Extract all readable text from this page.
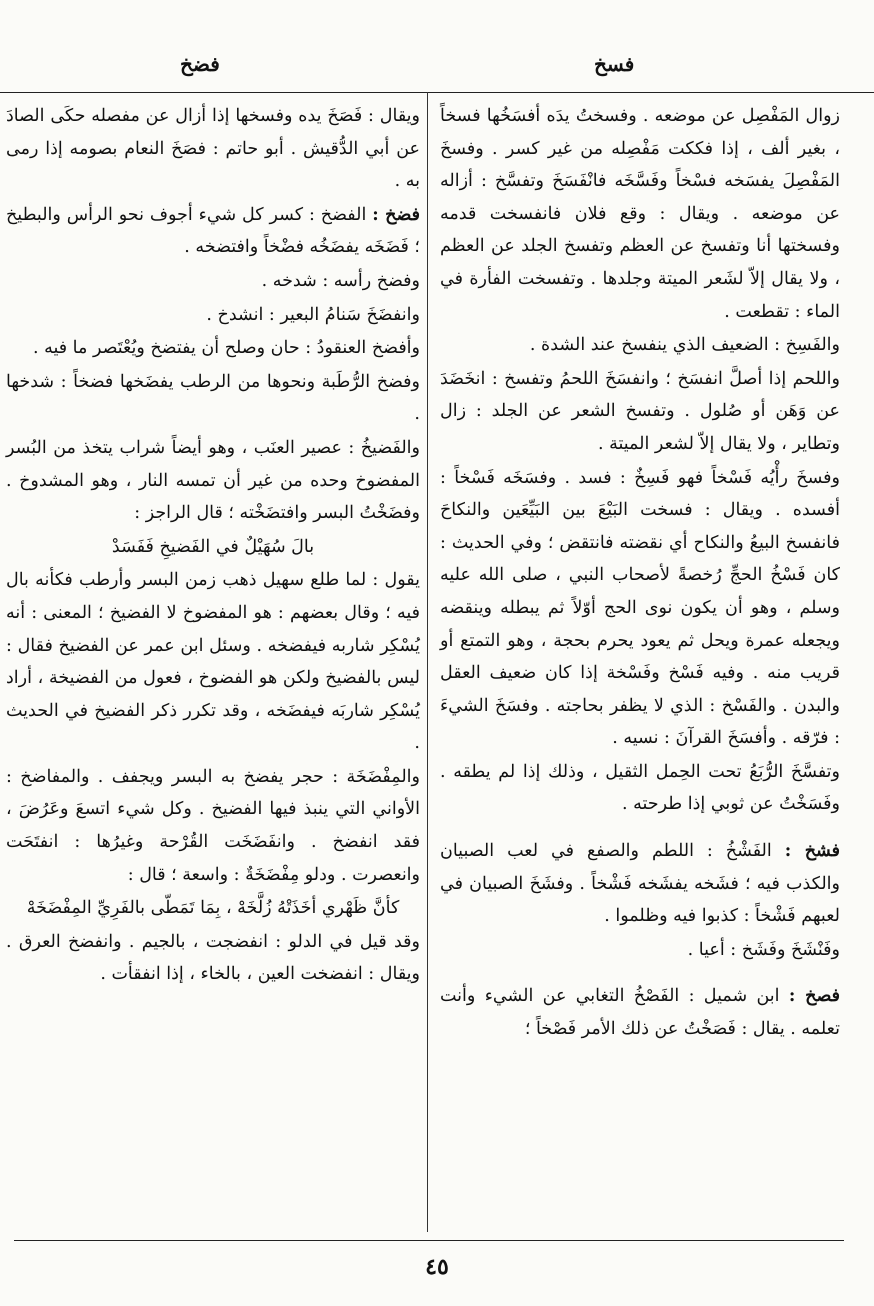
فضخ	فسخ

زوال المَفْصِل عن موضعه . وفسختُ يدَه أفسَخُها فسخاً ، بغير ألف ، إذا فككت مَفْصِله من غير كسر . وفسخَ المَفْصِلَ يفسَخه فسْخاً وفَسَّخَه فانْفَسَخَ وتفسَّخ : أزاله عن موضعه . ويقال : وقع فلان فانفسخت قدمه وفسختها أنا وتفسخ عن العظم وتفسخ الجلد عن العظم ، ولا يقال إلاّ لشَعر الميتة وجلدها . وتفسخت الفأرة في الماء : تقطعت .

والفَسِخ : الضعيف الذي ينفسخ عند الشدة .

واللحم إذا أصلَّ انفسَخ ؛ وانفسَخَ اللحمُ وتفسخ : انخَضَدَ عن وَهَن أو صُلول . وتفسخ الشعر عن الجلد : زال وتطاير ، ولا يقال إلاّ لشعر الميتة .

وفسخَ رأْيُه فَسْخاً فهو فَسِخٌ : فسد . وفسَخَه فَسْخاً : أفسده . ويقال : فسخت البَيْعَ بين البَيِّعَين والنكاحَ فانفسخ البيعُ والنكاح أي نقضته فانتقض ؛ وفي الحديث : كان فَسْخُ الحجِّ رُخصةً لأصحاب النبي ، صلى الله عليه وسلم ، وهو أن يكون نوى الحج أوّلاً ثم يبطله وينقضه ويجعله عمرة ويحل ثم يعود يحرم بحجة ، وهو التمتع أو قريب منه . وفيه فَسْخ وفَسْخة إذا كان ضعيف العقل والبدن . والفَسْخ : الذي لا يظفر بحاجته . وفسَخَ الشيءَ : فرّقه . وأفسَخَ القرآنَ : نسيه .

وتفسَّخَ الرُّبَعُ تحت الحِمل الثقيل ، وذلك إذا لم يطقه . وفَسَخْتُ عن ثوبي إذا طرحته .

فشخ : الفَشْخُ : اللطم والصفع في لعب الصبيان والكذب فيه ؛ فشَخه يفشَخه فَشْخاً . وفشَخَ الصبيان في لعبهم فَشْخاً : كذبوا فيه وظلموا .

وفَنْشَخَ وفَشَخ : أعيا .

فصخ : ابن شميل : الفَصْخُ التغابي عن الشيء وأنت تعلمه . يقال : فَصَخْتُ عن ذلك الأمر فَصْخاً ؛

ويقال : فَصَخَ يده وفسخها إذا أزال عن مفصله حكَى الصادَ عن أبي الدُّقيش . أبو حاتم : فصَخَ النعام بصومه إذا رمى به .

فضخ : الفضخ : كسر كل شيء أجوف نحو الرأس والبطيخ ؛ فَضَخَه يفضَخُه فضْخاً وافتضخه .

وفضخ رأسه : شدخه .

وانفضَخَ سَنامُ البعير : انشدخ .

وأفضخ العنقودُ : حان وصلح أن يفتضخ ويُعْتَصر ما فيه .

وفضخ الرُّطَبة ونحوها من الرطب يفضَخها فضخاً : شدخها .

والفَضيخُ : عصير العنَب ، وهو أيضاً شراب يتخذ من البُسر المفضوخ وحده من غير أن تمسه النار ، وهو المشدوخ . وفضَخْتُ البسر وافتضَخْته ؛ قال الراجز :

بالَ سُهَيْلٌ في الفَضيخِ فَفَسَدْ

يقول : لما طلع سهيل ذهب زمن البسر وأرطب فكأنه بال فيه ؛ وقال بعضهم : هو المفضوخ لا الفضيخ ؛ المعنى : أنه يُسْكِر شاربه فيفضخه . وسئل ابن عمر عن الفضيخ فقال : ليس بالفضيخ ولكن هو الفضوخ ، فعول من الفضيخة ، أراد يُسْكِر شاربَه فيفضَخه ، وقد تكرر ذكر الفضيخ في الحديث .

والمِفْضَخَة : حجر يفضخ به البسر ويجفف . والمفاضخ : الأواني التي ينبذ فيها الفضيخ . وكل شيء اتسعَ وعَرُضَ ، فقد انفضخ . وانفَضَخَت القُرْحة وغيرُها : انفتَحَت وانعصرت . ودلو مِفْضَخَةٌ : واسعة ؛ قال :

كأنَّ ظَهْري أخَذَتْهُ زُلَّخَهْ ، بِمَا تَمَطّى بالفَرِيِّ المِفْضَخَهْ

وقد قيل في الدلو : انفضجت ، بالجيم . وانفضخ العرق . ويقال : انفضخت العين ، بالخاء ، إذا انفقأت .

٤٥
